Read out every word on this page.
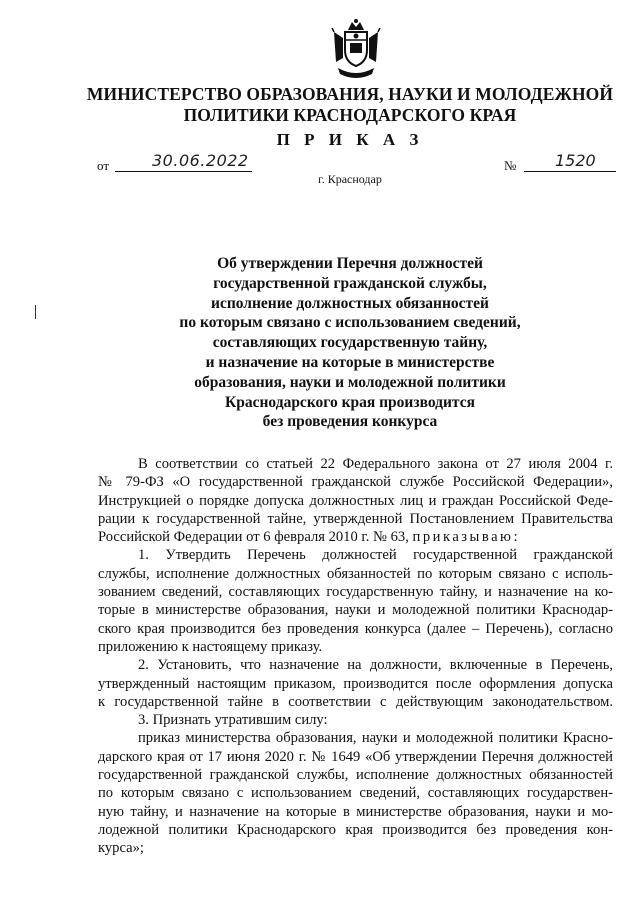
МИНИСТЕРСТВО ОБРАЗОВАНИЯ, НАУКИ И МОЛОДЕЖНОЙ
ПОЛИТИКИ КРАСНОДАРСКОГО КРАЯ
П Р И К А З
от	30.06.2022	№ 1520
г. Краснодар
Об утверждении Перечня должностей
государственной гражданской службы,
исполнение должностных обязанностей
по которым связано с использованием сведений,
составляющих государственную тайну,
и назначение на которые в министерстве
образования, науки и молодежной политики
Краснодарского края производится
без проведения конкурса
В соответствии со статьей 22 Федерального закона от 27 июля 2004 г.
№ 79-ФЗ «О государственной гражданской службе Российской Федерации»,
Инструкцией о порядке допуска должностных лиц и граждан Российской Феде-
рации к государственной тайне, утвержденной Постановлением Правительства
Российской Федерации от 6 февраля 2010 г. № 63, приказываю:
1. Утвердить Перечень должностей государственной гражданской
службы, исполнение должностных обязанностей по которым связано с исполь-
зованием сведений, составляющих государственную тайну, и назначение на ко-
торые в министерстве образования, науки и молодежной политики Краснодар-
ского края производится без проведения конкурса (далее – Перечень), согласно
приложению к настоящему приказу.
2. Установить, что назначение на должности, включенные в Перечень,
утвержденный настоящим приказом, производится после оформления допуска
к государственной тайне в соответствии с действующим законодательством.
3. Признать утратившим силу:
приказ министерства образования, науки и молодежной политики Красно-
дарского края от 17 июня 2020 г. № 1649 «Об утверждении Перечня должностей
государственной гражданской службы, исполнение должностных обязанностей
по которым связано с использованием сведений, составляющих государствен-
ную тайну, и назначение на которые в министерстве образования, науки и мо-
лодежной политики Краснодарского края производится без проведения кон-
курса»;
